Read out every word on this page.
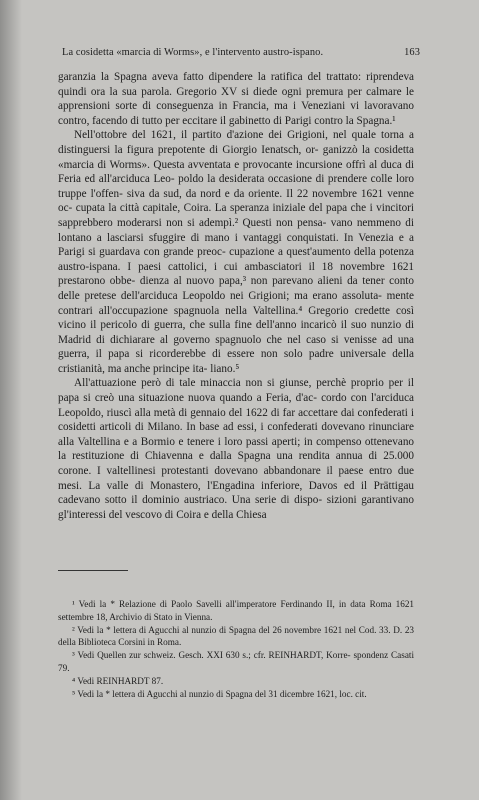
La cosidetta «marcia di Worms», e l'intervento austro-ispano.	163

garanzia la Spagna aveva fatto dipendere la ratifica del trattato: riprendeva quindi ora la sua parola. Gregorio XV si diede ogni premura per calmare le apprensioni sorte di conseguenza in Francia, ma i Veneziani vi lavoravano contro, facendo di tutto per eccitare il gabinetto di Parigi contro la Spagna.¹

Nell'ottobre del 1621, il partito d'azione dei Grigioni, nel quale torna a distinguersi la figura prepotente di Giorgio Ienatsch, or- ganizzò la cosidetta «marcia di Worms». Questa avventata e provocante incursione offrì al duca di Feria ed all'arciduca Leo- poldo la desiderata occasione di prendere colle loro truppe l'offen- siva da sud, da nord e da oriente. Il 22 novembre 1621 venne oc- cupata la città capitale, Coira. La speranza iniziale del papa che i vincitori sapprebbero moderarsi non si adempì.² Questi non pensa- vano nemmeno di lontano a lasciarsi sfuggire di mano i vantaggi conquistati. In Venezia e a Parigi si guardava con grande preoc- cupazione a quest'aumento della potenza austro-ispana. I paesi cattolici, i cui ambasciatori il 18 novembre 1621 prestarono obbe- dienza al nuovo papa,³ non parevano alieni da tener conto delle pretese dell'arciduca Leopoldo nei Grigioni; ma erano assoluta- mente contrari all'occupazione spagnuola nella Valtellina.⁴ Gregorio credette così vicino il pericolo di guerra, che sulla fine dell'anno incaricò il suo nunzio di Madrid di dichiarare al governo spagnuolo che nel caso si venisse ad una guerra, il papa si ricorderebbe di essere non solo padre universale della cristianità, ma anche principe ita- liano.⁵

All'attuazione però di tale minaccia non si giunse, perchè proprio per il papa si creò una situazione nuova quando a Feria, d'ac- cordo con l'arciduca Leopoldo, riuscì alla metà di gennaio del 1622 di far accettare dai confederati i cosidetti articoli di Milano. In base ad essi, i confederati dovevano rinunciare alla Valtellina e a Bormio e tenere i loro passi aperti; in compenso ottenevano la restituzione di Chiavenna e dalla Spagna una rendita annua di 25.000 corone. I valtellinesi protestanti dovevano abbandonare il paese entro due mesi. La valle di Monastero, l'Engadina inferiore, Davos ed il Prättigau cadevano sotto il dominio austriaco. Una serie di dispo- sizioni garantivano gl'interessi del vescovo di Coira e della Chiesa

¹ Vedi la * Relazione di Paolo Savelli all'imperatore Ferdinando II, in data Roma 1621 settembre 18, Archivio di Stato in Vienna.

² Vedi la * lettera di Agucchi al nunzio di Spagna del 26 novembre 1621 nel Cod. 33. D. 23 della Biblioteca Corsini in Roma.

³ Vedi Quellen zur schweiz. Gesch. XXI 630 s.; cfr. REINHARDT, Korre- spondenz Casati 79.

⁴ Vedi REINHARDT 87.

⁵ Vedi la * lettera di Agucchi al nunzio di Spagna del 31 dicembre 1621, loc. cit.
